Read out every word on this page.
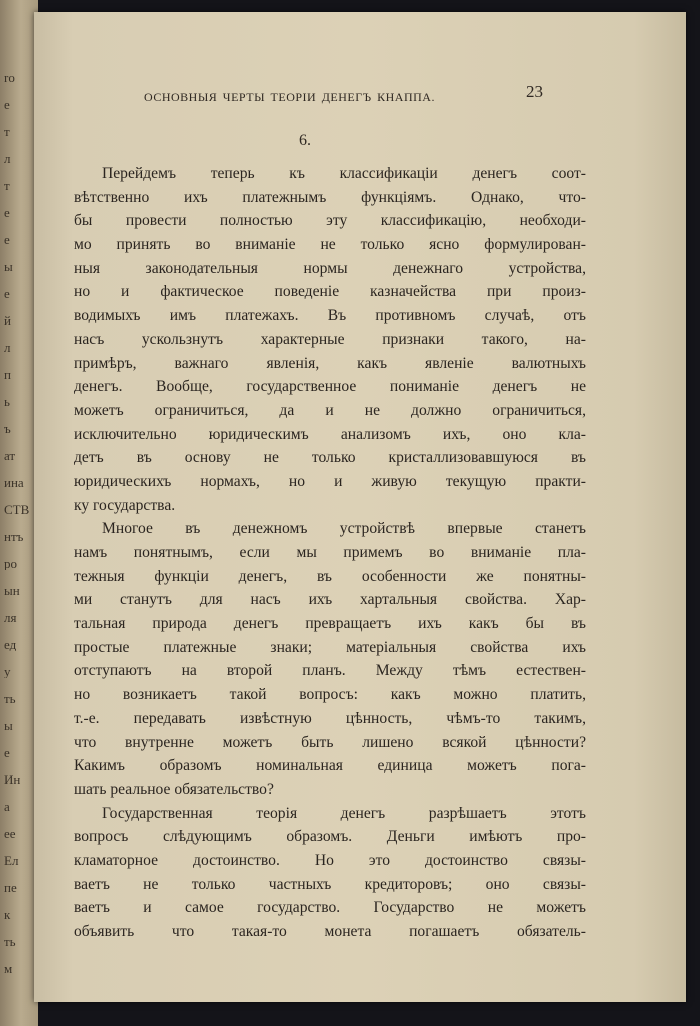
ro
е
т
л
т
е
е
ы
е
й
л
п
ь
ъ
ат
ина
СТВ
нтъ
ро
ын
ля
ед
у
ть
ы
е
Ин
а
ее
Ел
пе
к
ть
м
ОСНОВНЫЯ ЧЕРТЫ ТЕОРІИ ДЕНЕГЪ КНАППА.	23
6.
Перейдемъ теперь къ классификаціи денегъ соот-
вѣтственно ихъ платежнымъ функціямъ. Однако, что-
бы провести полностью эту классификацію, необходи-
мо принять во вниманіе не только ясно формулирован-
ныя законодательныя нормы денежнаго устройства,
но и фактическое поведеніе казначейства при произ-
водимыхъ имъ платежахъ. Въ противномъ случаѣ, отъ
насъ ускользнутъ характерные признаки такого, на-
примѣръ, важнаго явленія, какъ явленіе валютныхъ
денегъ. Вообще, государственное пониманіе денегъ не
можетъ ограничиться, да и не должно ограничиться,
исключительно юридическимъ анализомъ ихъ, оно кла-
детъ въ основу не только кристаллизовавшуюся въ
юридическихъ нормахъ, но и живую текущую практи-
ку государства.
Многое въ денежномъ устройствѣ впервые станетъ
намъ понятнымъ, если мы примемъ во вниманіе пла-
тежныя функціи денегъ, въ особенности же понятны-
ми станутъ для насъ ихъ хартальныя свойства. Хар-
тальная природа денегъ превращаетъ ихъ какъ бы въ
простые платежные знаки; матеріальныя свойства ихъ
отступаютъ на второй планъ. Между тѣмъ естествен-
но возникаетъ такой вопросъ: какъ можно платить,
т.-е. передавать извѣстную цѣнность, чѣмъ-то такимъ,
что внутренне можетъ быть лишено всякой цѣнности?
Какимъ образомъ номинальная единица можетъ пога-
шать реальное обязательство?
Государственная теорія денегъ разрѣшаетъ этотъ
вопросъ слѣдующимъ образомъ. Деньги имѣютъ про-
кламаторное достоинство. Но это достоинство связы-
ваетъ не только частныхъ кредиторовъ; оно связы-
ваетъ и самое государство. Государство не можетъ
объявить что такая-то монета погашаетъ обязатель-
